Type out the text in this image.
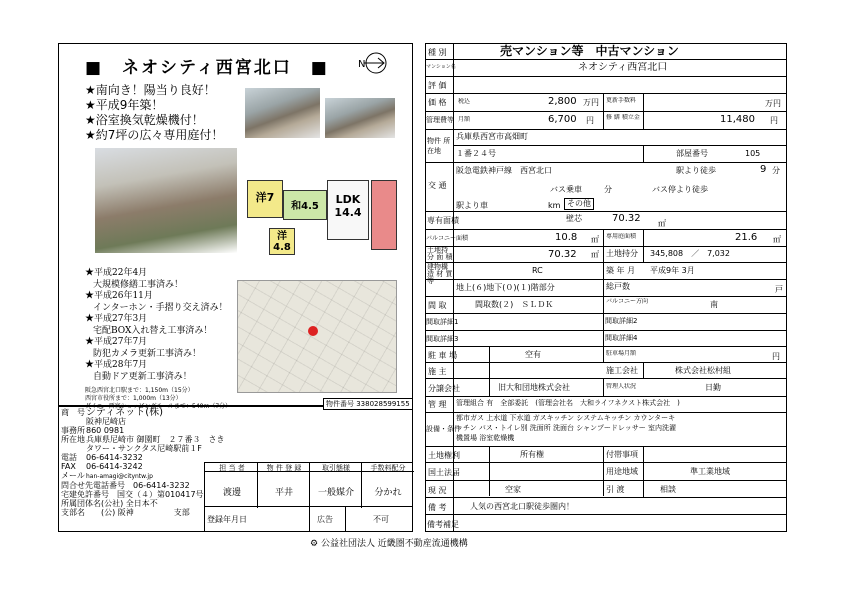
■　ネオシティ西宮北口　■	N
★南向き！陽当り良好！
★平成9年築！
★浴室換気乾燥機付！
★約7坪の広々専用庭付！
洋7
和4.5
LDK
14.4
洋
4.8
★平成22年4月
大規模修繕工事済み！
★平成26年11月
インターホン・手摺り交え済み！
★平成27年3月
宅配BOX入れ替え工事済み！
★平成27年7月
防犯カメラ更新工事済み！
★平成28年7月
自動ドア更新工事済み！
阪急西宮北口駅まで：1,150m（15分）
西宮市役所まで：1,000m（13分）
ダイエー西宮ショッピングモールまで：540m（7分）	物件番号 338028599155
商　号シティネット(株)
阪神尼崎店
事務所860 0981
所在地兵庫県尼崎市 御園町　２７番３　さき
タワー・サンクタス尼崎駅前１F
電話 06-6414-3232
FAX 06-6414-3242
メールhan-amagi@cityntw.jp
問合せ先電話番号　06-6414-3232
宅建免許番号　国交（４）第010417号
所属団体名(公社) 全日本不
支部名 (公) 阪神	支部
担 当 者	物 件 登 録	取引態様	手数料配分
渡邊	平井	一般媒介	分かれ
登録年月日	広告	不可
種 別	売マンション等　中古マンション
マンション名	ネオシティ西宮北口
評 価
価 格 税込	2,800 万円 更新手数料	万円
管理費等 月額	6,700 円 修 繕 積立金	11,480 円
物件 所在地
兵庫県西宮市高畑町
１番２４号	部屋番号	105
交 通
阪急電鉄神戸線　西宮北口	駅より徒歩	9 分
バス乗車	分	バス停より徒歩
駅より車	km その他
専有面積	壁芯	70.32 ㎡
バルコニー面積	10.8 ㎡ 専用庭面積	21.6 ㎡
土地持分 面 積	70.32 ㎡ 土地持分 345,808　／　7,032
建物構造 材 質 等
RC	築 年 月 平成9年 3月
地上(６)地下(０)(１)階部分	総戸数	戸
間 取	間取数(２)　ＳＬＤＫ	バルコニー方向	南
間取詳細1	間取詳細2
間取詳細3	間取詳細4
駐 車 場	空有	駐車場月額	円
施 主	施工会社	株式会社松村組
分譲会社	旧大和団地株式会社	管理人状況	日勤
管 理 管理組合 有　全部委託　(管理会社名　大和ライフネクスト株式会社　)
設備・条件
都市ガス 上水道 下水道 ガスキッチン システムキッチン カウンターキ
ッチン バス・トイレ別 洗面所 洗面台 シャンプードレッサー 室内洗濯
機置場 浴室乾燥機
土地権利	所有権	付帯事項
国土法届	用途地域	準工業地域
現 況	空家	引 渡	相談
備 考	人気の西宮北口駅徒歩圏内！
備考補足
⚙ 公益社団法人 近畿圏不動産流通機構
